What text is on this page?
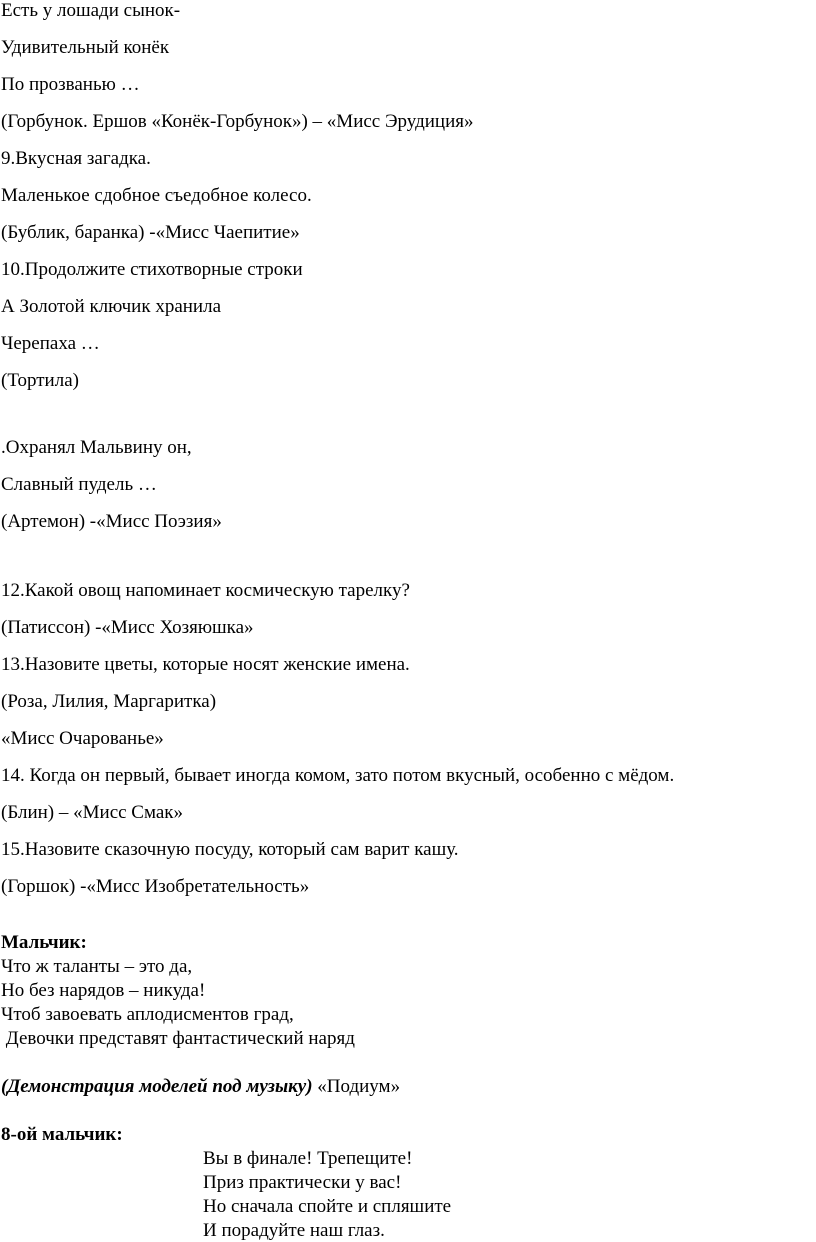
Есть у лошади сынок-
Удивительный конёк
По прозванью …
(Горбунок. Ершов «Конёк-Горбунок») – «Мисс Эрудиция»
9.Вкусная загадка.
Маленькое сдобное съедобное колесо.
(Бублик, баранка) -«Мисс Чаепитие»
10.Продолжите стихотворные строки
А Золотой ключик хранила
Черепаха …
(Тортила)
.Охранял Мальвину он,
Славный пудель …
(Артемон) -«Мисс Поэзия»
12.Какой овощ напоминает космическую тарелку?
(Патиссон) -«Мисс Хозяюшка»
13.Назовите цветы, которые носят женские имена.
(Роза, Лилия, Маргаритка)
«Мисс Очарованье»
14. Когда он первый, бывает иногда комом, зато потом вкусный, особенно с мёдом.
(Блин) – «Мисс Смак»
15.Назовите сказочную посуду, который сам варит кашу.
(Горшок) -«Мисс Изобретательность»
Мальчик:
Что ж таланты – это да,
Но без нарядов – никуда!
Чтоб завоевать аплодисментов град,
Девочки представят фантастический наряд
(Демонстрация моделей под музыку) «Подиум»
8-ой мальчик:
Вы в финале! Трепещите!
Приз практически у вас!
Но сначала спойте и спляшите
И порадуйте наш глаз.
